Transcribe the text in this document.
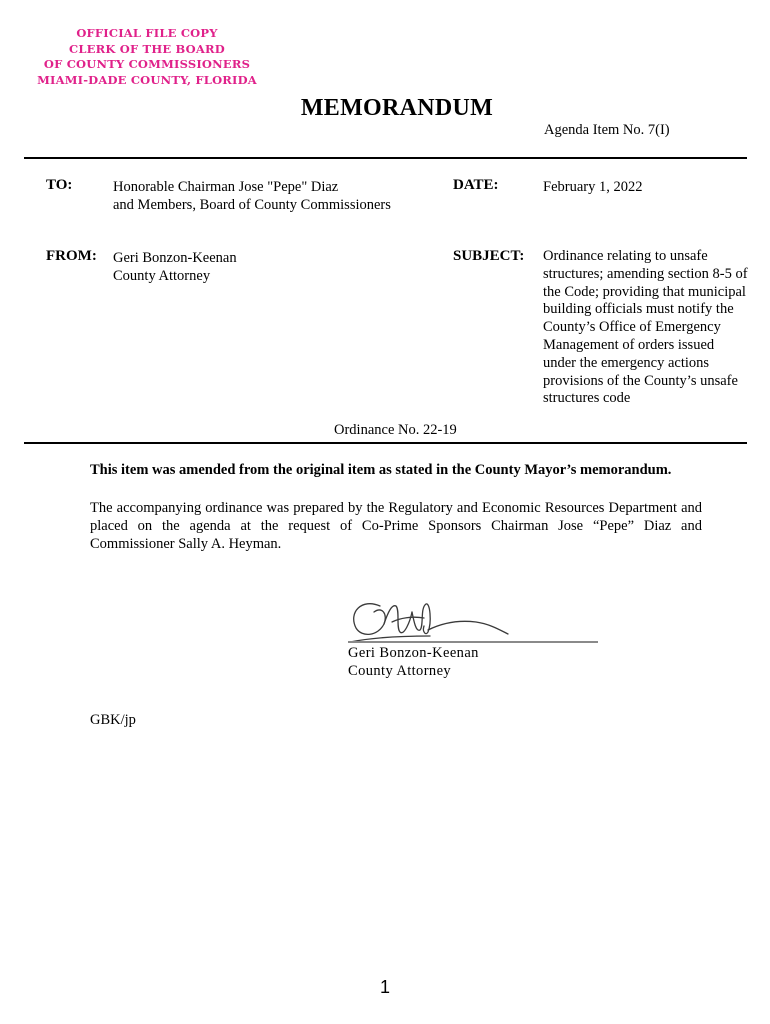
OFFICIAL FILE COPY
CLERK OF THE BOARD
OF COUNTY COMMISSIONERS
MIAMI-DADE COUNTY, FLORIDA
MEMORANDUM
Agenda Item No. 7(I)
TO:	Honorable Chairman Jose "Pepe" Diaz
and Members, Board of County Commissioners
DATE:	February 1, 2022
FROM: Geri Bonzon-Keenan
County Attorney
SUBJECT: Ordinance relating to unsafe structures; amending section 8-5 of the Code; providing that municipal building officials must notify the County’s Office of Emergency Management of orders issued under the emergency actions provisions of the County’s unsafe structures code
Ordinance No. 22-19
This item was amended from the original item as stated in the County Mayor’s memorandum.
The accompanying ordinance was prepared by the Regulatory and Economic Resources Department and placed on the agenda at the request of Co-Prime Sponsors Chairman Jose “Pepe” Diaz and Commissioner Sally A. Heyman.
Geri Bonzon-Keenan
County Attorney
GBK/jp
1
